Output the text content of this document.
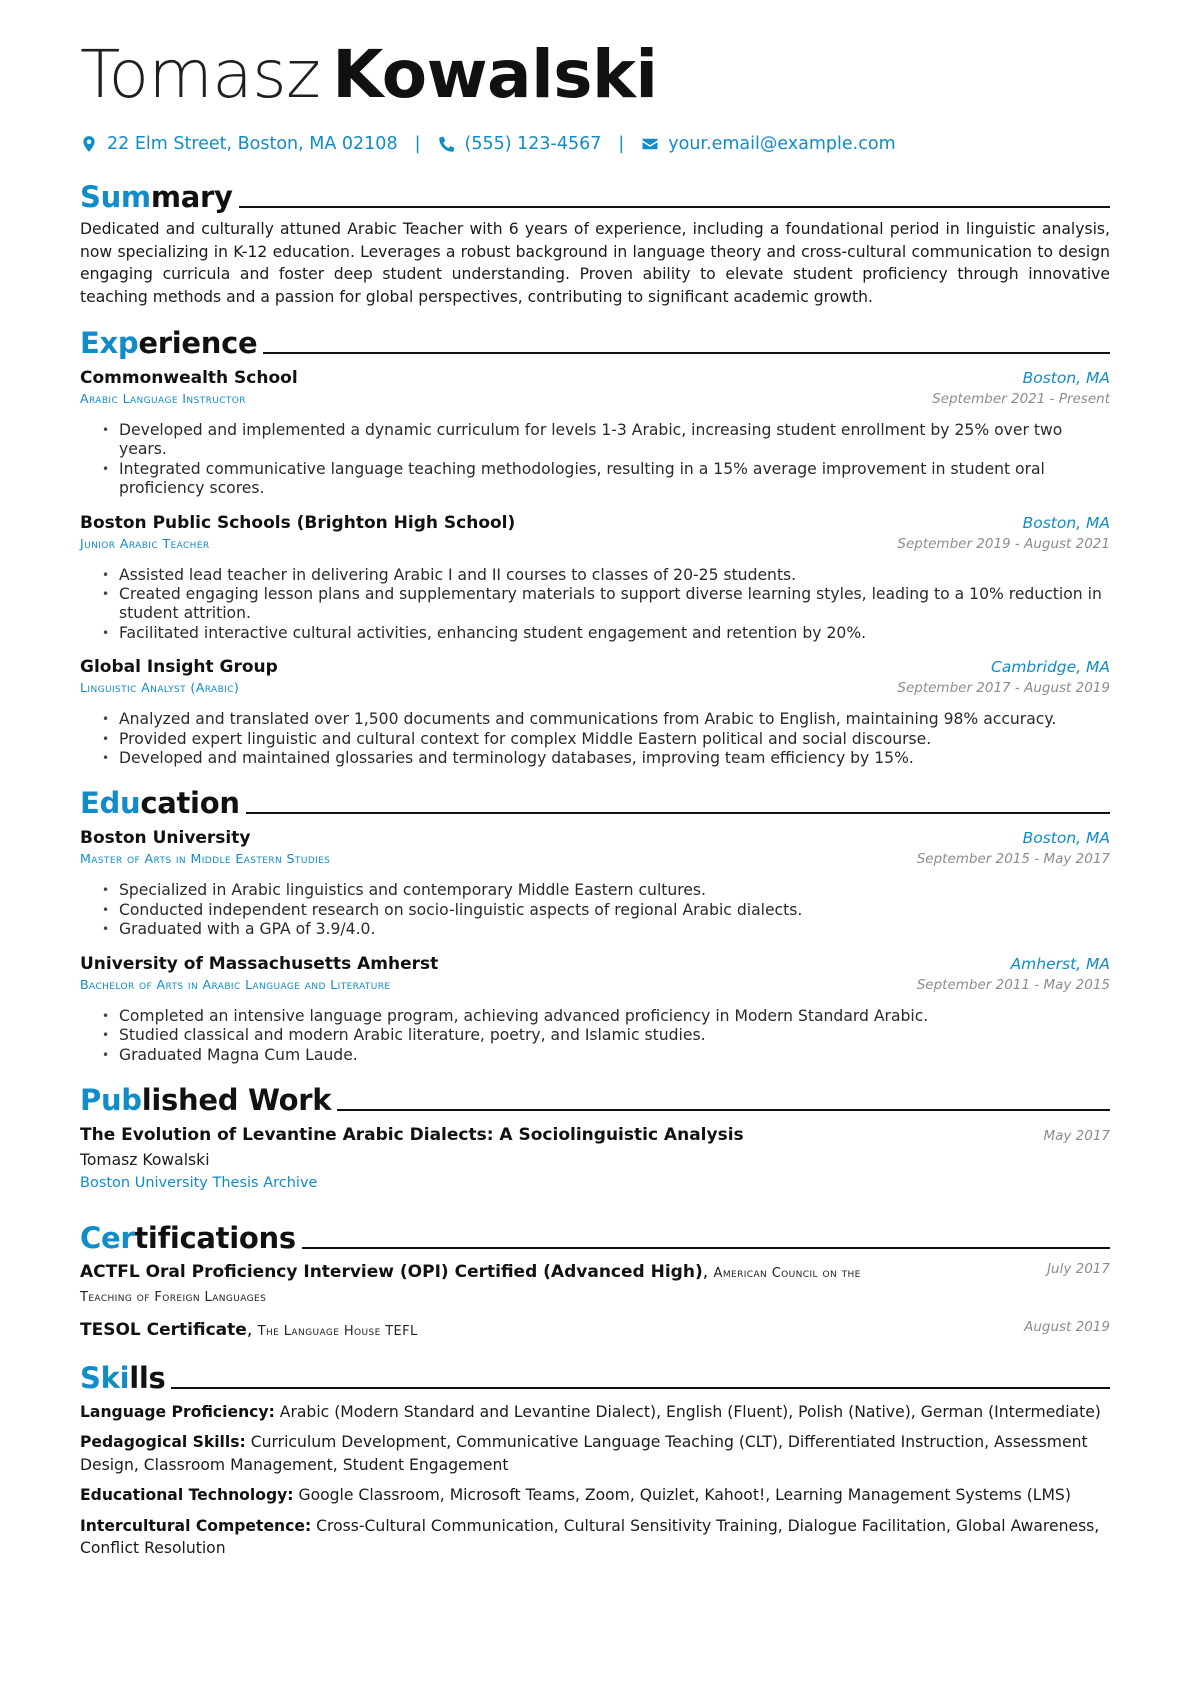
Tomasz Kowalski
22 Elm Street, Boston, MA 02108 |	(555) 123-4567 |	your.email@example.com
Summary

Dedicated and culturally attuned Arabic Teacher with 6 years of experience, including a foundational period in linguistic analysis, now specializing in K-12 education. Leverages a robust background in language theory and cross-cultural communication to design engaging curricula and foster deep student understanding. Proven ability to elevate student proficiency through innovative teaching methods and a passion for global perspectives, contributing to significant academic growth.

Experience
Commonwealth School	Boston, MA
Arabic Language Instructor	September 2021 - Present
• Developed and implemented a dynamic curriculum for levels 1-3 Arabic, increasing student enrollment by 25% over two years.
• Integrated communicative language teaching methodologies, resulting in a 15% average improvement in student oral proficiency scores.
Boston Public Schools (Brighton High School)	Boston, MA
Junior Arabic Teacher	September 2019 - August 2021
• Assisted lead teacher in delivering Arabic I and II courses to classes of 20-25 students.
• Created engaging lesson plans and supplementary materials to support diverse learning styles, leading to a 10% reduction in student attrition.
• Facilitated interactive cultural activities, enhancing student engagement and retention by 20%.
Global Insight Group	Cambridge, MA
Linguistic Analyst (Arabic)	September 2017 - August 2019
• Analyzed and translated over 1,500 documents and communications from Arabic to English, maintaining 98% accuracy.
• Provided expert linguistic and cultural context for complex Middle Eastern political and social discourse.
• Developed and maintained glossaries and terminology databases, improving team efficiency by 15%.
Education
Boston University	Boston, MA
Master of Arts in Middle Eastern Studies	September 2015 - May 2017
• Specialized in Arabic linguistics and contemporary Middle Eastern cultures.
• Conducted independent research on socio-linguistic aspects of regional Arabic dialects.
• Graduated with a GPA of 3.9/4.0.
University of Massachusetts Amherst	Amherst, MA
Bachelor of Arts in Arabic Language and Literature	September 2011 - May 2015
• Completed an intensive language program, achieving advanced proficiency in Modern Standard Arabic.
• Studied classical and modern Arabic literature, poetry, and Islamic studies.
• Graduated Magna Cum Laude.
Published Work
The Evolution of Levantine Arabic Dialects: A Sociolinguistic Analysis	May 2017
Tomasz Kowalski
Boston University Thesis Archive
Certifications
ACTFL Oral Proficiency Interview (OPI) Certified (Advanced High), American Council on the Teaching of Foreign Languages
July 2017
TESOL Certificate, The Language House TEFL	August 2019
Skills
Language Proficiency: Arabic (Modern Standard and Levantine Dialect), English (Fluent), Polish (Native), German (Intermediate)
Pedagogical Skills: Curriculum Development, Communicative Language Teaching (CLT), Differentiated Instruction, Assessment Design, Classroom Management, Student Engagement
Educational Technology: Google Classroom, Microsoft Teams, Zoom, Quizlet, Kahoot!, Learning Management Systems (LMS)
Intercultural Competence: Cross-Cultural Communication, Cultural Sensitivity Training, Dialogue Facilitation, Global Awareness, Conflict Resolution
